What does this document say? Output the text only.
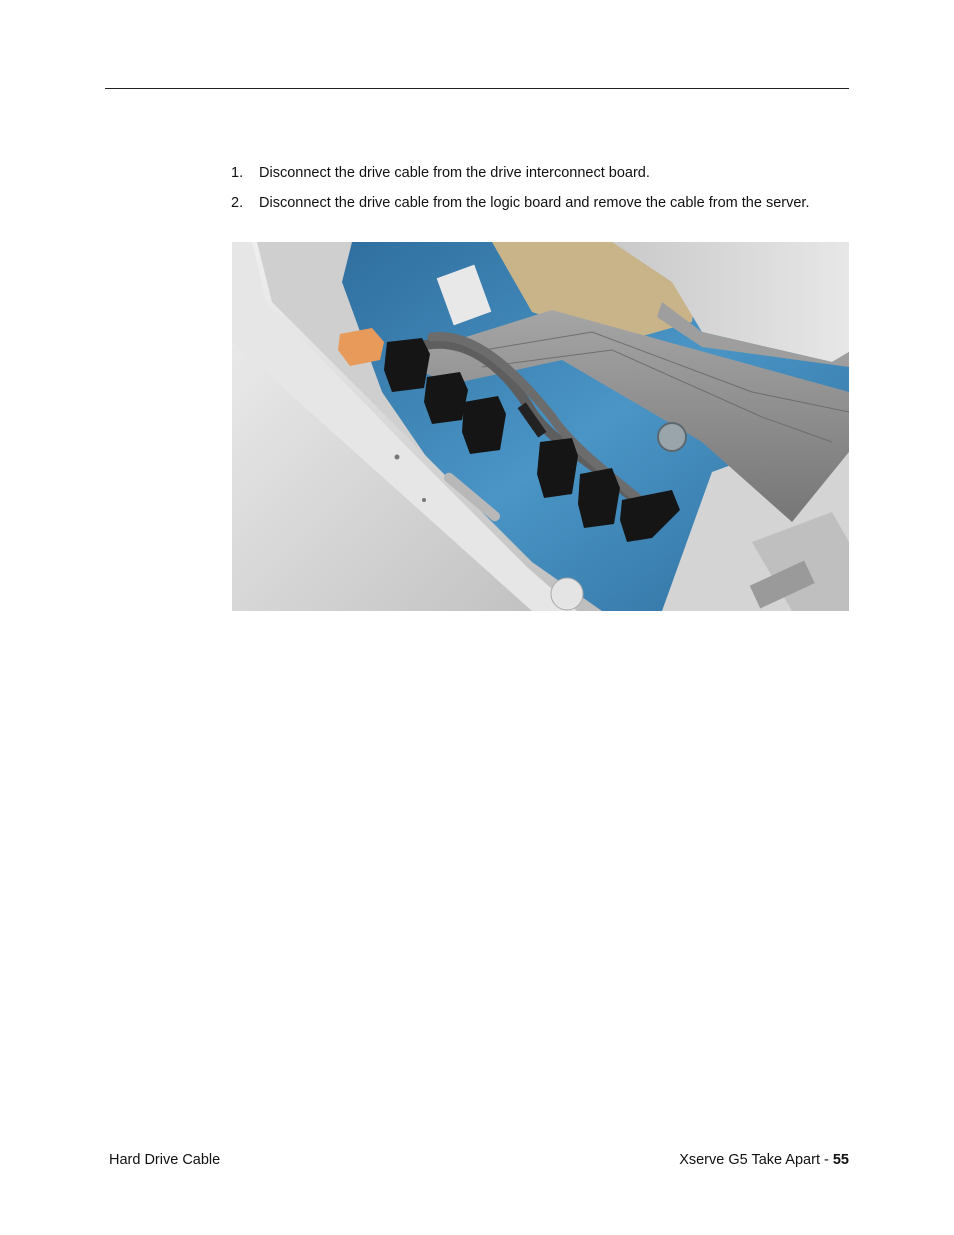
1.	Disconnect the drive cable from the drive interconnect board.
2.	Disconnect the drive cable from the logic board and remove the cable from the server.
Hard Drive Cable	Xserve G5 Take Apart - 55
